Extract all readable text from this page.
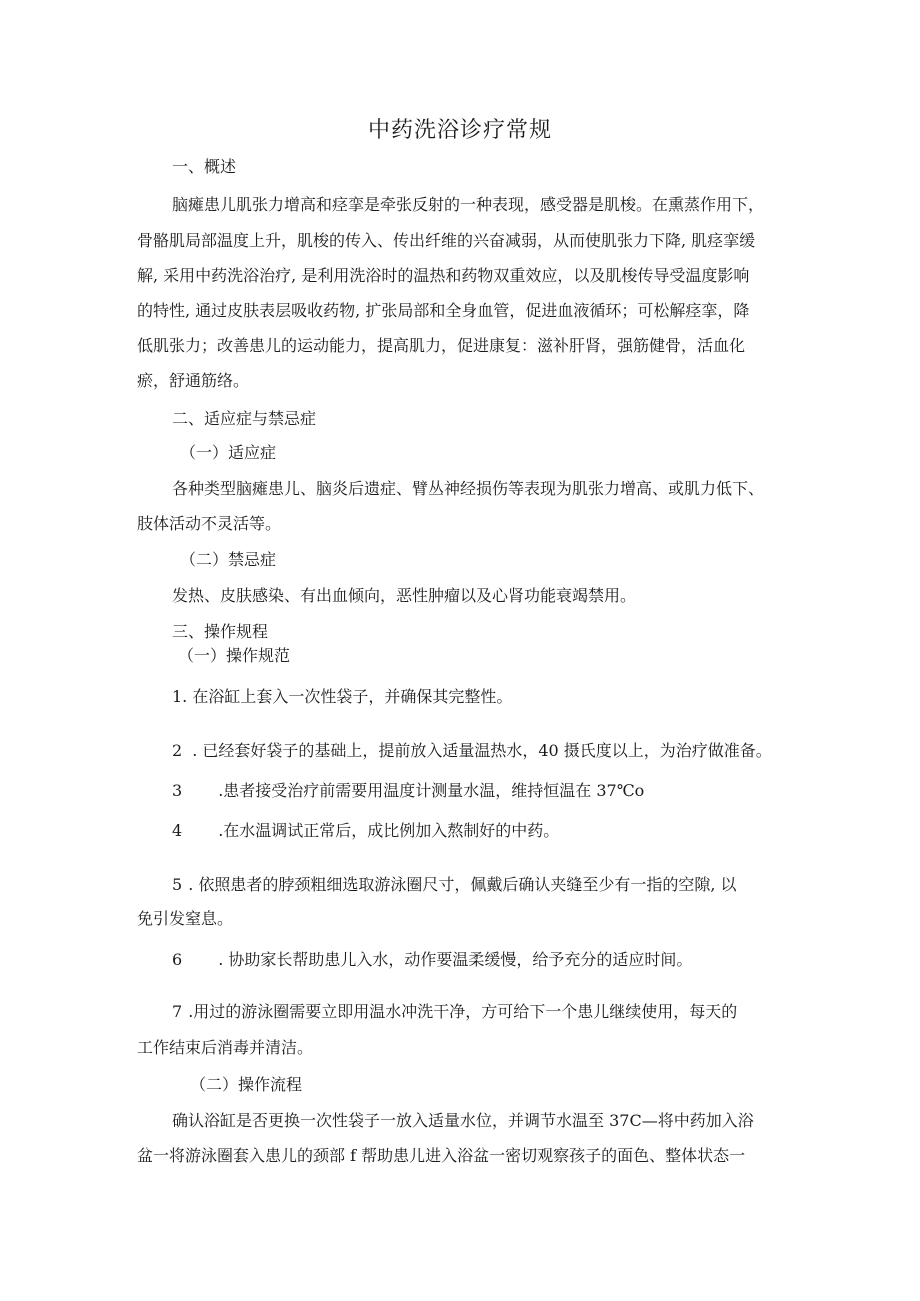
中药洗浴诊疗常规
一、概述
脑瘫患儿肌张力增高和痉挛是牵张反射的一种表现，感受器是肌梭。在熏蒸作用下，
骨骼肌局部温度上升，肌梭的传入、传出纤维的兴奋减弱，从而使肌张力下降, 肌痉挛缓
解, 采用中药洗浴治疗, 是利用洗浴时的温热和药物双重效应，以及肌梭传导受温度影响
的特性, 通过皮肤表层吸收药物, 扩张局部和全身血管，促进血液循环；可松解痉挛，降
低肌张力；改善患儿的运动能力，提高肌力，促进康复：滋补肝肾，强筋健骨，活血化
瘀，舒通筋络。
二、适应症与禁忌症
（一）适应症
各种类型脑瘫患儿、脑炎后遗症、臂丛神经损伤等表现为肌张力增高、或肌力低下、
肢体活动不灵活等。
（二）禁忌症
发热、皮肤感染、有出血倾向，恶性肿瘤以及心肾功能衰竭禁用。
三、操作规程
（一）操作规范
1. 在浴缸上套入一次性袋子，并确保其完整性。
2 . 已经套好袋子的基础上，提前放入适量温热水，40 摄氏度以上，为治疗做准备。
3 .患者接受治疗前需要用温度计测量水温，维持恒温在 37℃o
4 .在水温调试正常后，成比例加入熬制好的中药。
5 . 依照患者的脖颈粗细选取游泳圈尺寸，佩戴后确认夹缝至少有一指的空隙, 以
免引发窒息。
6 . 协助家长帮助患儿入水，动作要温柔缓慢，给予充分的适应时间。
7 .用过的游泳圈需要立即用温水冲洗干净，方可给下一个患儿继续使用，每天的
工作结束后消毒并清洁。
（二）操作流程
确认浴缸是否更换一次性袋子一放入适量水位，并调节水温至 37C—将中药加入浴
盆一将游泳圈套入患儿的颈部 f 帮助患儿进入浴盆一密切观察孩子的面色、整体状态一
